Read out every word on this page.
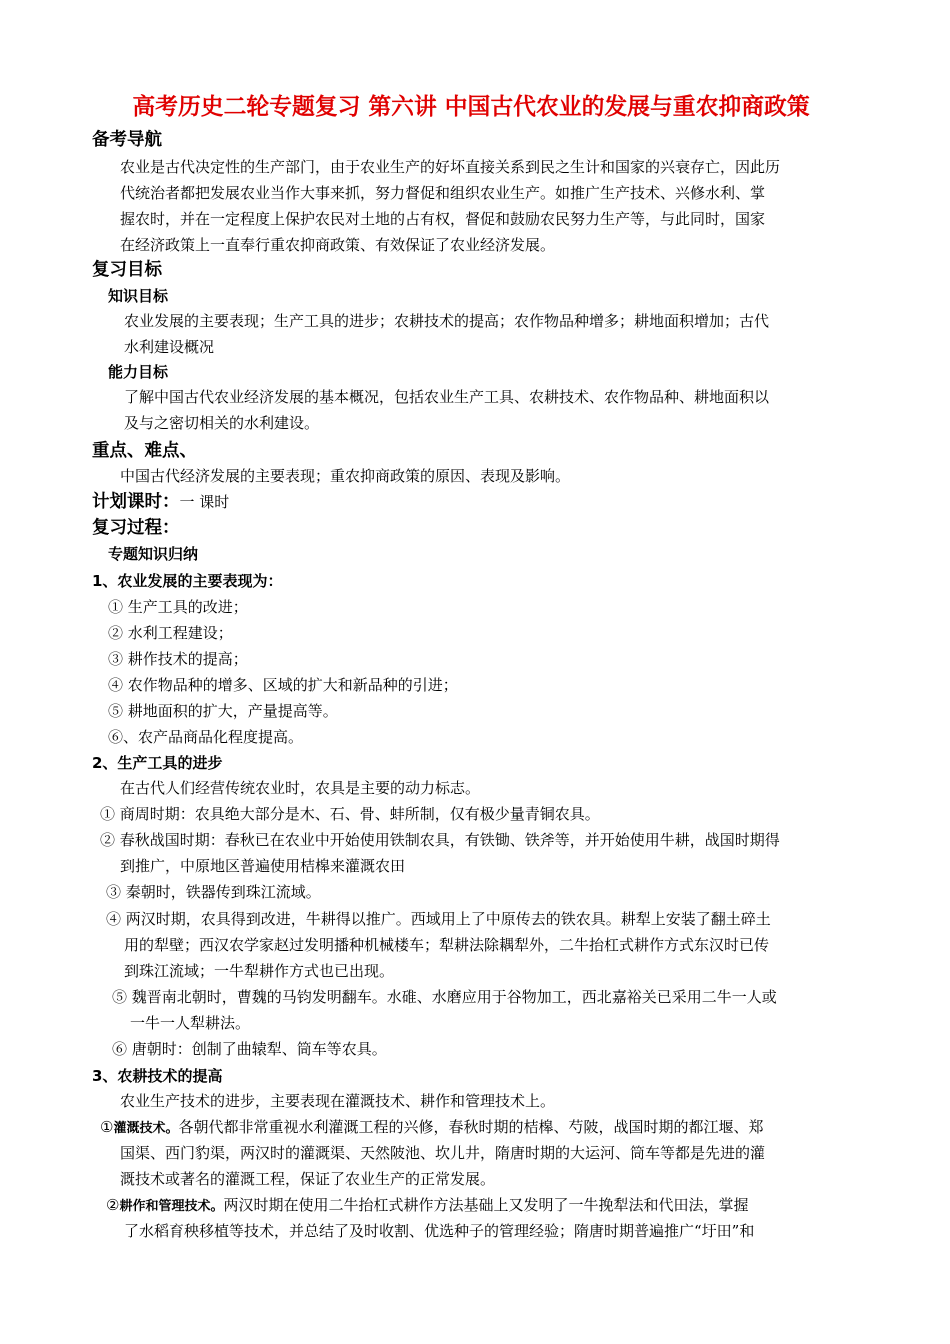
高考历史二轮专题复习 第六讲 中国古代农业的发展与重农抑商政策
备考导航
农业是古代决定性的生产部门，由于农业生产的好坏直接关系到民之生计和国家的兴衰存亡，因此历
代统治者都把发展农业当作大事来抓，努力督促和组织农业生产。如推广生产技术、兴修水利、掌
握农时，并在一定程度上保护农民对土地的占有权，督促和鼓励农民努力生产等，与此同时，国家
在经济政策上一直奉行重农抑商政策、有效保证了农业经济发展。
复习目标
知识目标
农业发展的主要表现；生产工具的进步；农耕技术的提高；农作物品种增多；耕地面积增加；古代
水利建设概况
能力目标
了解中国古代农业经济发展的基本概况，包括农业生产工具、农耕技术、农作物品种、耕地面积以
及与之密切相关的水利建设。
重点、难点、
中国古代经济发展的主要表现；重农抑商政策的原因、表现及影响。
计划课时：一 课时
复习过程：
专题知识归纳
1、农业发展的主要表现为：
① 生产工具的改进；
② 水利工程建设；
③ 耕作技术的提高；
④ 农作物品种的增多、区域的扩大和新品种的引进；
⑤ 耕地面积的扩大，产量提高等。
⑥、农产品商品化程度提高。
2、生产工具的进步
在古代人们经营传统农业时，农具是主要的动力标志。
① 商周时期：农具绝大部分是木、石、骨、蚌所制，仅有极少量青铜农具。
② 春秋战国时期：春秋已在农业中开始使用铁制农具，有铁锄、铁斧等，并开始使用牛耕，战国时期得
到推广，中原地区普遍使用桔槔来灌溉农田
③ 秦朝时，铁器传到珠江流域。
④ 两汉时期，农具得到改进，牛耕得以推广。西域用上了中原传去的铁农具。耕犁上安装了翻土碎土
用的犁壁；西汉农学家赵过发明播种机械楼车；犁耕法除耦犁外，二牛抬杠式耕作方式东汉时已传
到珠江流域；一牛犁耕作方式也已出现。
⑤ 魏晋南北朝时，曹魏的马钧发明翻车。水碓、水磨应用于谷物加工，西北嘉裕关已采用二牛一人或
一牛一人犁耕法。
⑥ 唐朝时：创制了曲辕犁、筒车等农具。
3、农耕技术的提高
农业生产技术的进步，主要表现在灌溉技术、耕作和管理技术上。
①灌溉技术。各朝代都非常重视水利灌溉工程的兴修，春秋时期的桔槔、芍陂，战国时期的都江堰、郑
国渠、西门豹渠，两汉时的灌溉渠、天然陂池、坎儿井，隋唐时期的大运河、筒车等都是先进的灌
溉技术或著名的灌溉工程，保证了农业生产的正常发展。
②耕作和管理技术。两汉时期在使用二牛抬杠式耕作方法基础上又发明了一牛挽犁法和代田法，掌握
了水稻育秧移植等技术，并总结了及时收割、优选种子的管理经验；隋唐时期普遍推广“圩田”和
